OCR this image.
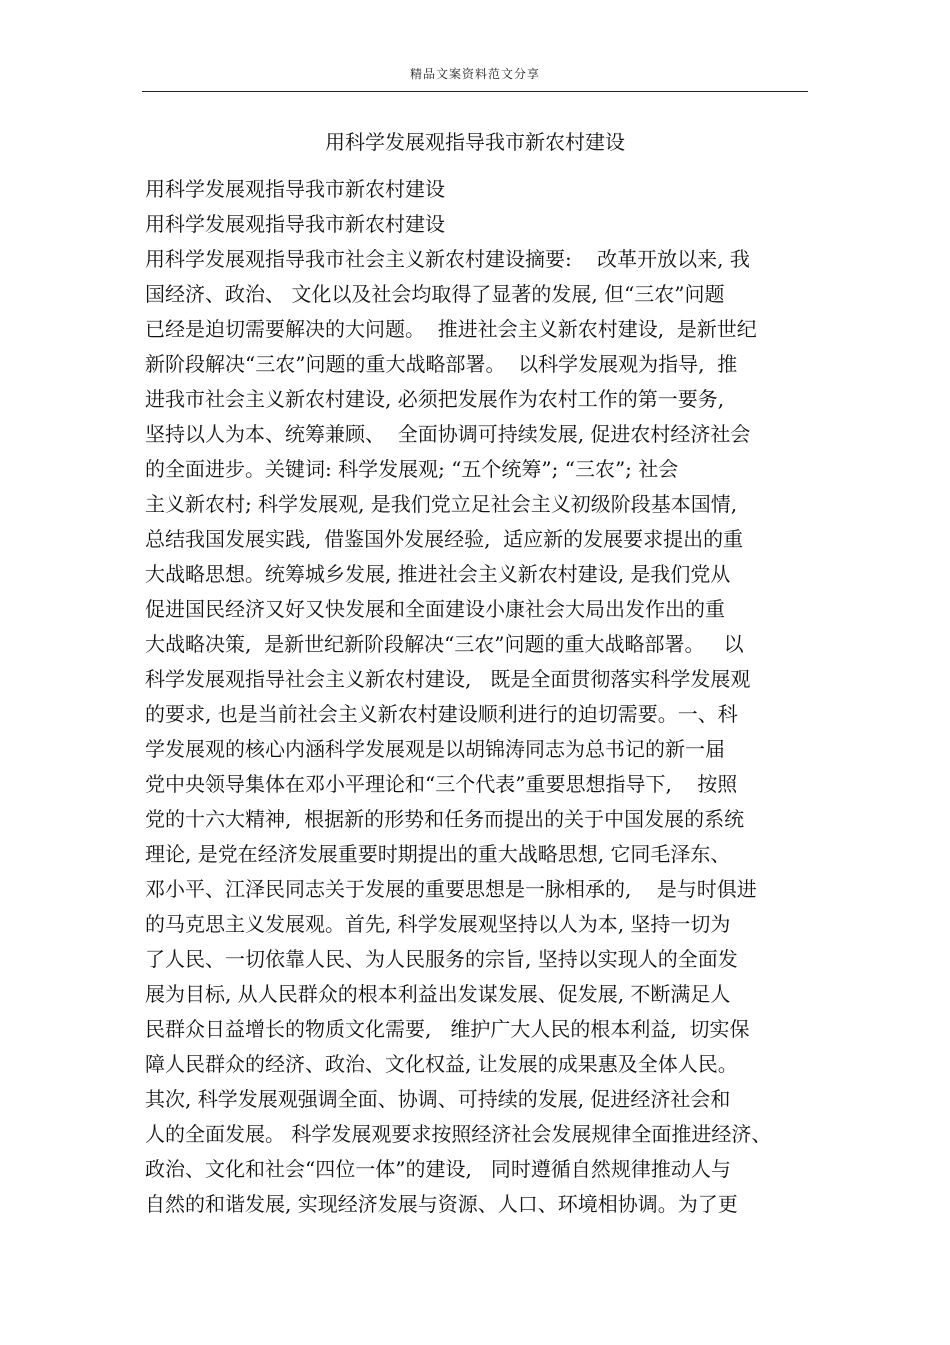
精品文案资料范文分享
用科学发展观指导我市新农村建设
用科学发展观指导我市新农村建设
用科学发展观指导我市新农村建设
用科学发展观指导我市社会主义新农村建设摘要:    改革开放以来, 我
国经济、政治、 文化以及社会均取得了显著的发展, 但“三农”问题
已经是迫切需要解决的大问题。  推进社会主义新农村建设,  是新世纪
新阶段解决“三农”问题的重大战略部署。  以科学发展观为指导,  推
进我市社会主义新农村建设, 必须把发展作为农村工作的第一要务,
坚持以人为本、统筹兼顾、  全面协调可持续发展, 促进农村经济社会
的全面进步。关键词: 科学发展观; “五个统筹”; “三农”; 社会
主义新农村; 科学发展观, 是我们党立足社会主义初级阶段基本国情,
总结我国发展实践,  借鉴国外发展经验,  适应新的发展要求提出的重
大战略思想。统筹城乡发展, 推进社会主义新农村建设, 是我们党从
促进国民经济又好又快发展和全面建设小康社会大局出发作出的重
大战略决策,  是新世纪新阶段解决“三农”问题的重大战略部署。   以
科学发展观指导社会主义新农村建设,   既是全面贯彻落实科学发展观
的要求, 也是当前社会主义新农村建设顺利进行的迫切需要。一、科
学发展观的核心内涵科学发展观是以胡锦涛同志为总书记的新一届
党中央领导集体在邓小平理论和“三个代表”重要思想指导下,    按照
党的十六大精神,  根据新的形势和任务而提出的关于中国发展的系统
理论, 是党在经济发展重要时期提出的重大战略思想, 它同毛泽东、
邓小平、江泽民同志关于发展的重要思想是一脉相承的,    是与时俱进
的马克思主义发展观。首先, 科学发展观坚持以人为本, 坚持一切为
了人民、一切依靠人民、为人民服务的宗旨, 坚持以实现人的全面发
展为目标, 从人民群众的根本利益出发谋发展、促发展, 不断满足人
民群众日益增长的物质文化需要,   维护广大人民的根本利益,  切实保
障人民群众的经济、政治、文化权益, 让发展的成果惠及全体人民。
其次, 科学发展观强调全面、协调、可持续的发展, 促进经济社会和
人的全面发展。 科学发展观要求按照经济社会发展规律全面推进经济、
政治、文化和社会“四位一体”的建设,   同时遵循自然规律推动人与
自然的和谐发展, 实现经济发展与资源、人口、环境相协调。为了更
